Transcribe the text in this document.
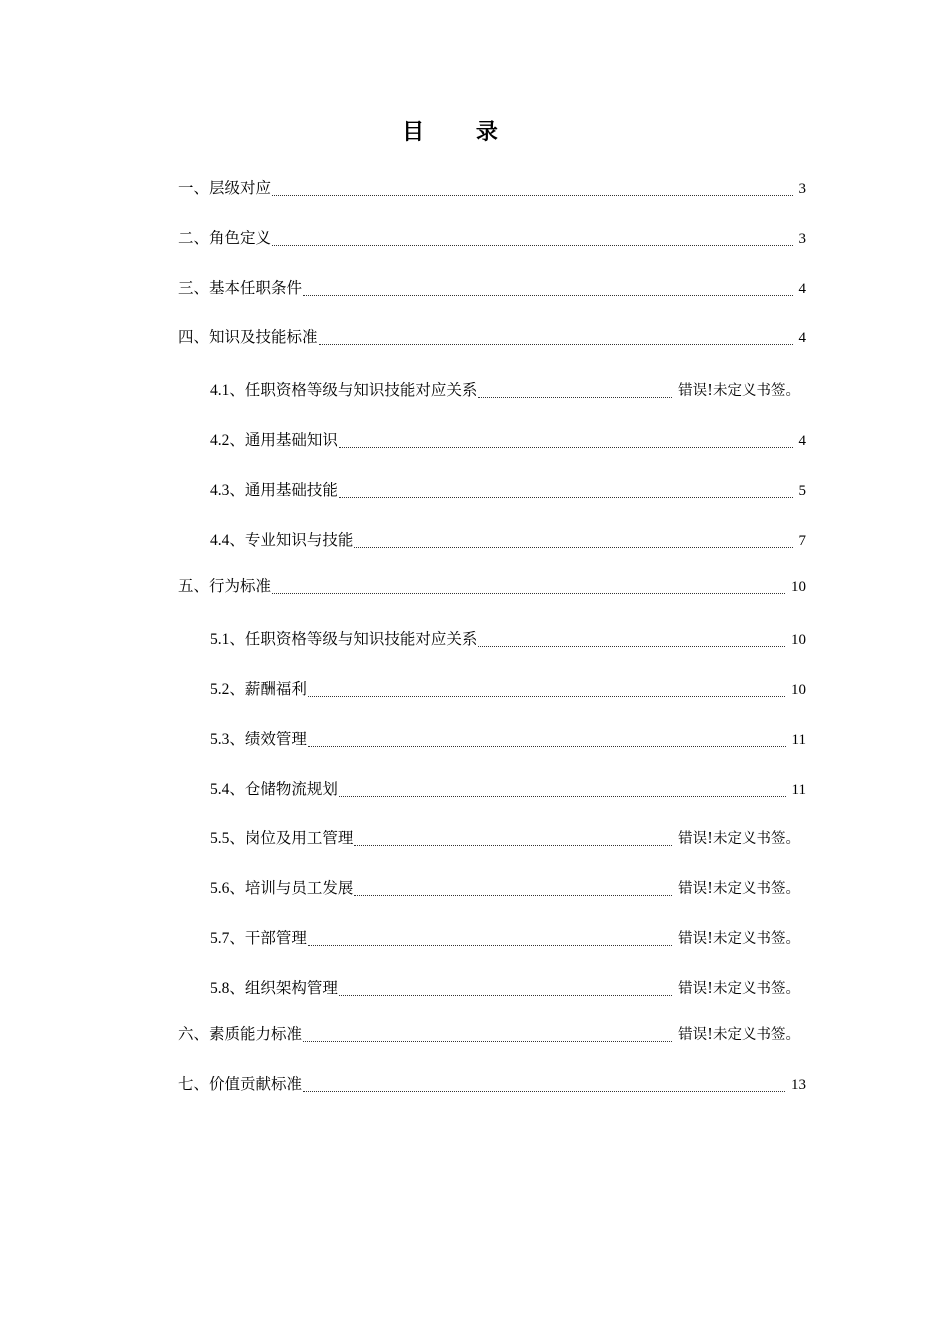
目 录
一、层级对应	3
二、角色定义	3
三、基本任职条件	4
四、知识及技能标准	4
4.1 、任职资格等级与知识技能对应关系	错误!未定义书签。
4.2 、通用基础知识	4
4.3 、通用基础技能	5
4.4 、专业知识与技能	7
五、行为标准	10
5.1 、任职资格等级与知识技能对应关系	10
5.2 、薪酬福利	10
5.3 、绩效管理	11
5.4 、仓储物流规划	11
5.5 、岗位及用工管理	错误!未定义书签。
5.6 、培训与员工发展	错误!未定义书签。
5.7 、干部管理	错误!未定义书签。
5.8 、组织架构管理	错误!未定义书签。
六、素质能力标准	错误!未定义书签。
七、价值贡献标准	13
